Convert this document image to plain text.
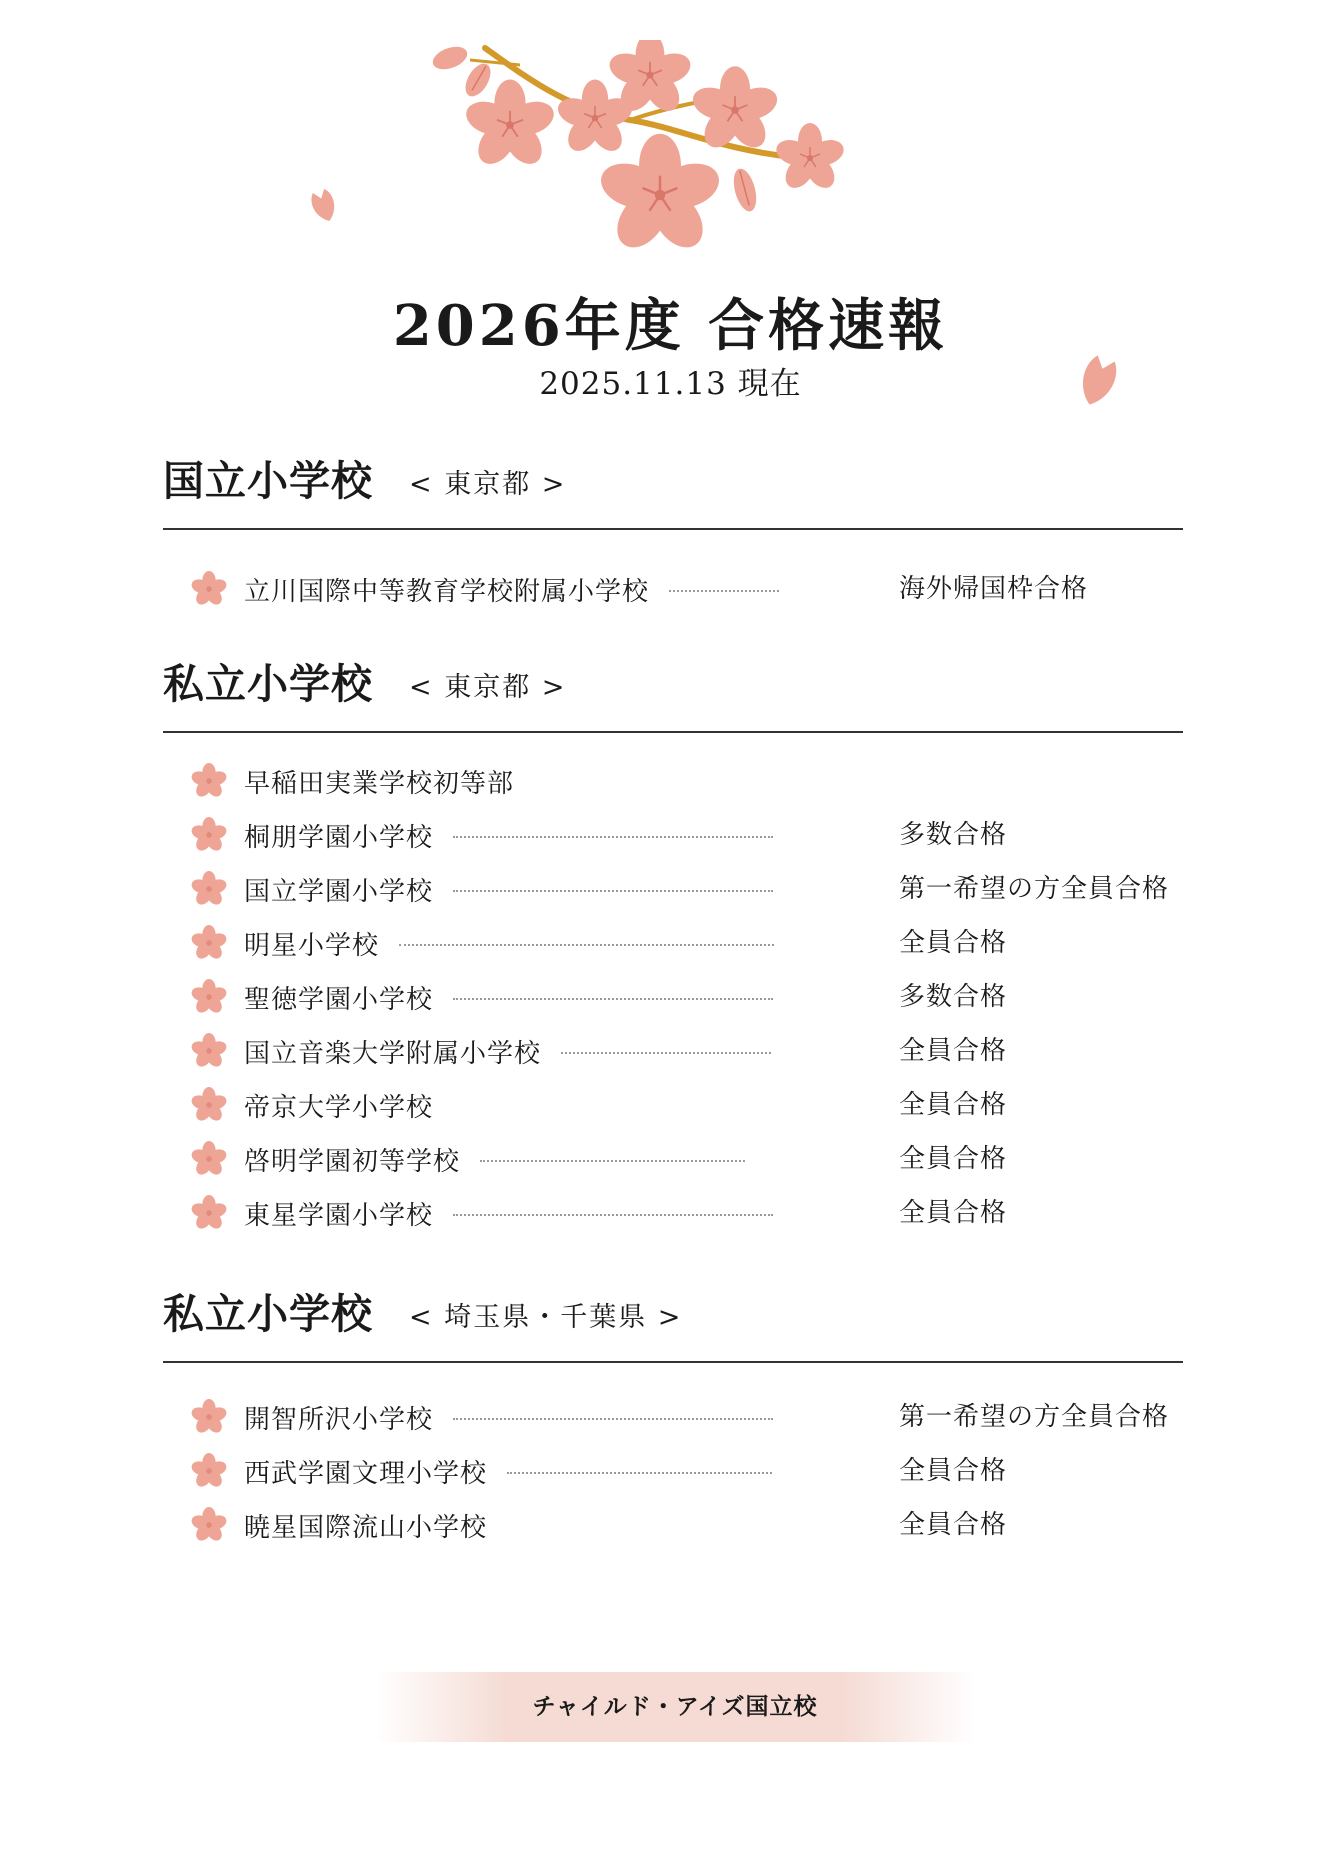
2026年度 合格速報

2025.11.13 現在

国立小学校 < 東京都 >
立川国際中等教育学校附属小学校	海外帰国枠合格
私立小学校 < 東京都 >
早稲田実業学校初等部
桐朋学園小学校	多数合格
国立学園小学校	第一希望の方全員合格
明星小学校	全員合格
聖徳学園小学校	多数合格
国立音楽大学附属小学校	全員合格
帝京大学小学校	全員合格
啓明学園初等学校	全員合格
東星学園小学校	全員合格
私立小学校 < 埼玉県・千葉県 >
開智所沢小学校	第一希望の方全員合格
西武学園文理小学校	全員合格
暁星国際流山小学校	全員合格
チャイルド・アイズ国立校
